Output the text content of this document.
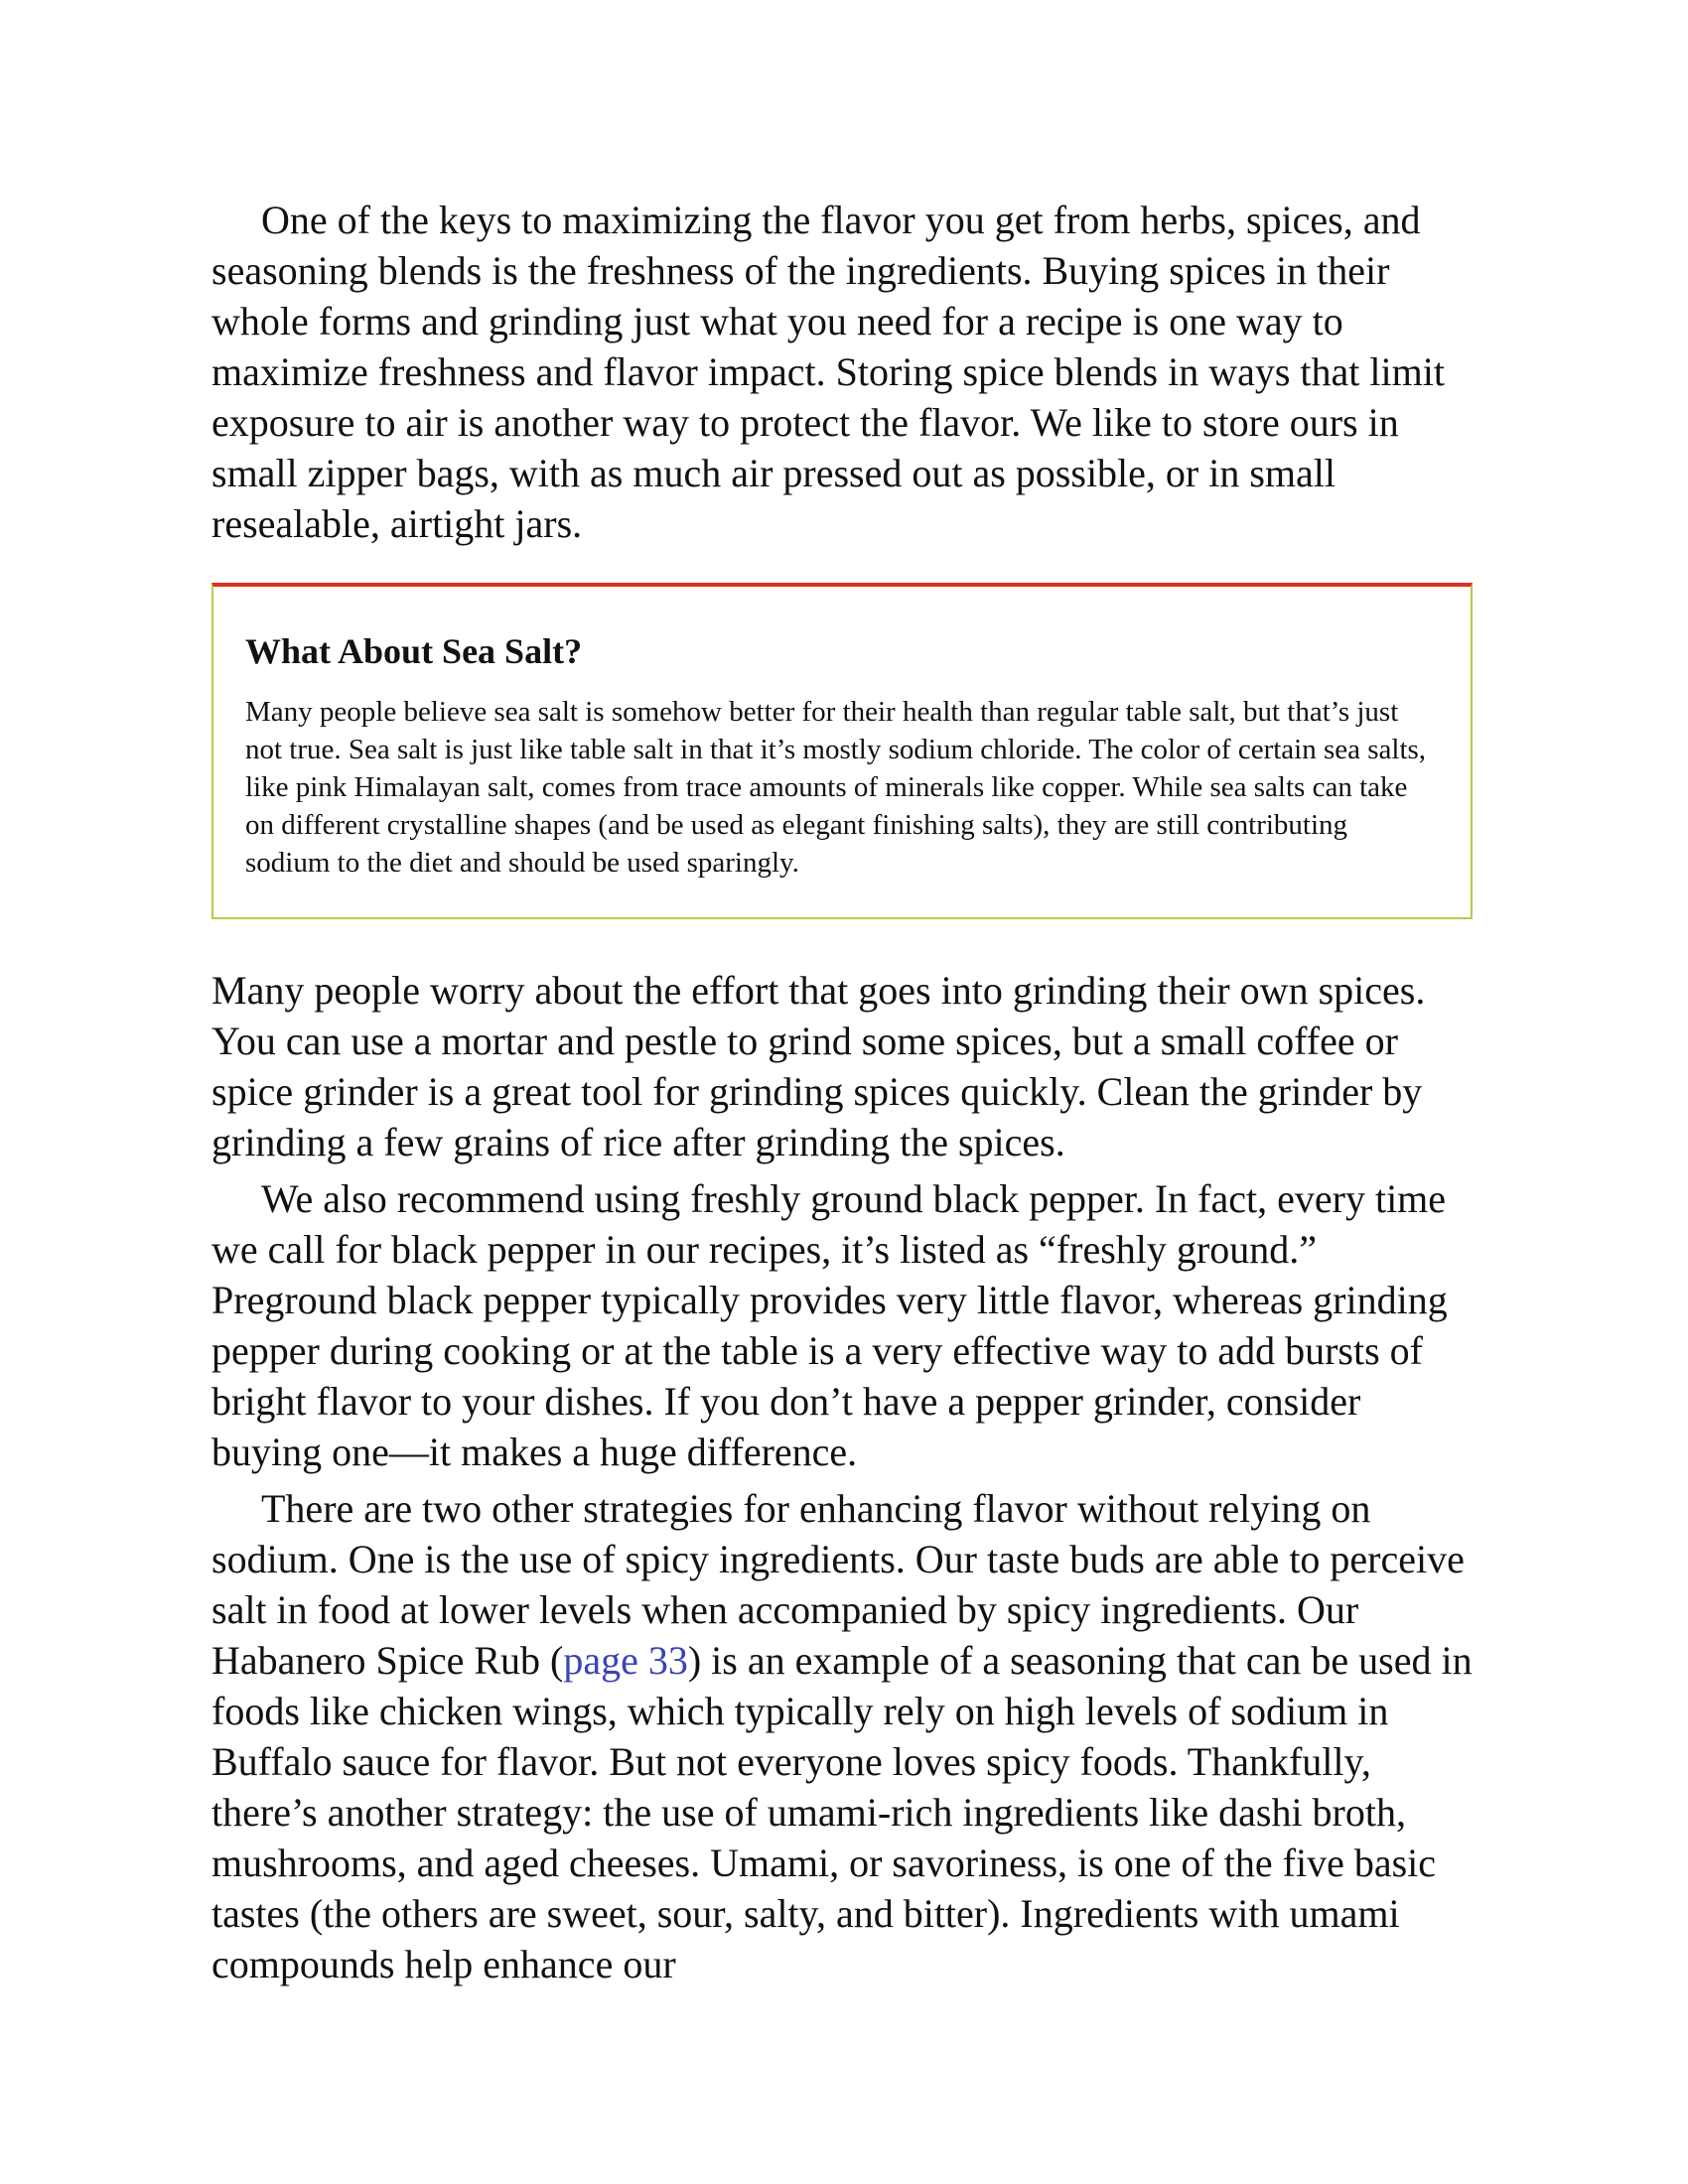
One of the keys to maximizing the flavor you get from herbs, spices, and seasoning blends is the freshness of the ingredients. Buying spices in their whole forms and grinding just what you need for a recipe is one way to maximize freshness and flavor impact. Storing spice blends in ways that limit exposure to air is another way to protect the flavor. We like to store ours in small zipper bags, with as much air pressed out as possible, or in small resealable, airtight jars.

What About Sea Salt?

Many people believe sea salt is somehow better for their health than regular table salt, but that’s just not true. Sea salt is just like table salt in that it’s mostly sodium chloride. The color of certain sea salts, like pink Himalayan salt, comes from trace amounts of minerals like copper. While sea salts can take on different crystalline shapes (and be used as elegant finishing salts), they are still contributing sodium to the diet and should be used sparingly.

Many people worry about the effort that goes into grinding their own spices. You can use a mortar and pestle to grind some spices, but a small coffee or spice grinder is a great tool for grinding spices quickly. Clean the grinder by grinding a few grains of rice after grinding the spices.

We also recommend using freshly ground black pepper. In fact, every time we call for black pepper in our recipes, it’s listed as “freshly ground.” Preground black pepper typically provides very little flavor, whereas grinding pepper during cooking or at the table is a very effective way to add bursts of bright flavor to your dishes. If you don’t have a pepper grinder, consider buying one—it makes a huge difference.

There are two other strategies for enhancing flavor without relying on sodium. One is the use of spicy ingredients. Our taste buds are able to perceive salt in food at lower levels when accompanied by spicy ingredients. Our Habanero Spice Rub (page 33) is an example of a seasoning that can be used in foods like chicken wings, which typically rely on high levels of sodium in Buffalo sauce for flavor. But not everyone loves spicy foods. Thankfully, there’s another strategy: the use of umami-rich ingredients like dashi broth, mushrooms, and aged cheeses. Umami, or savoriness, is one of the five basic tastes (the others are sweet, sour, salty, and bitter). Ingredients with umami compounds help enhance our
